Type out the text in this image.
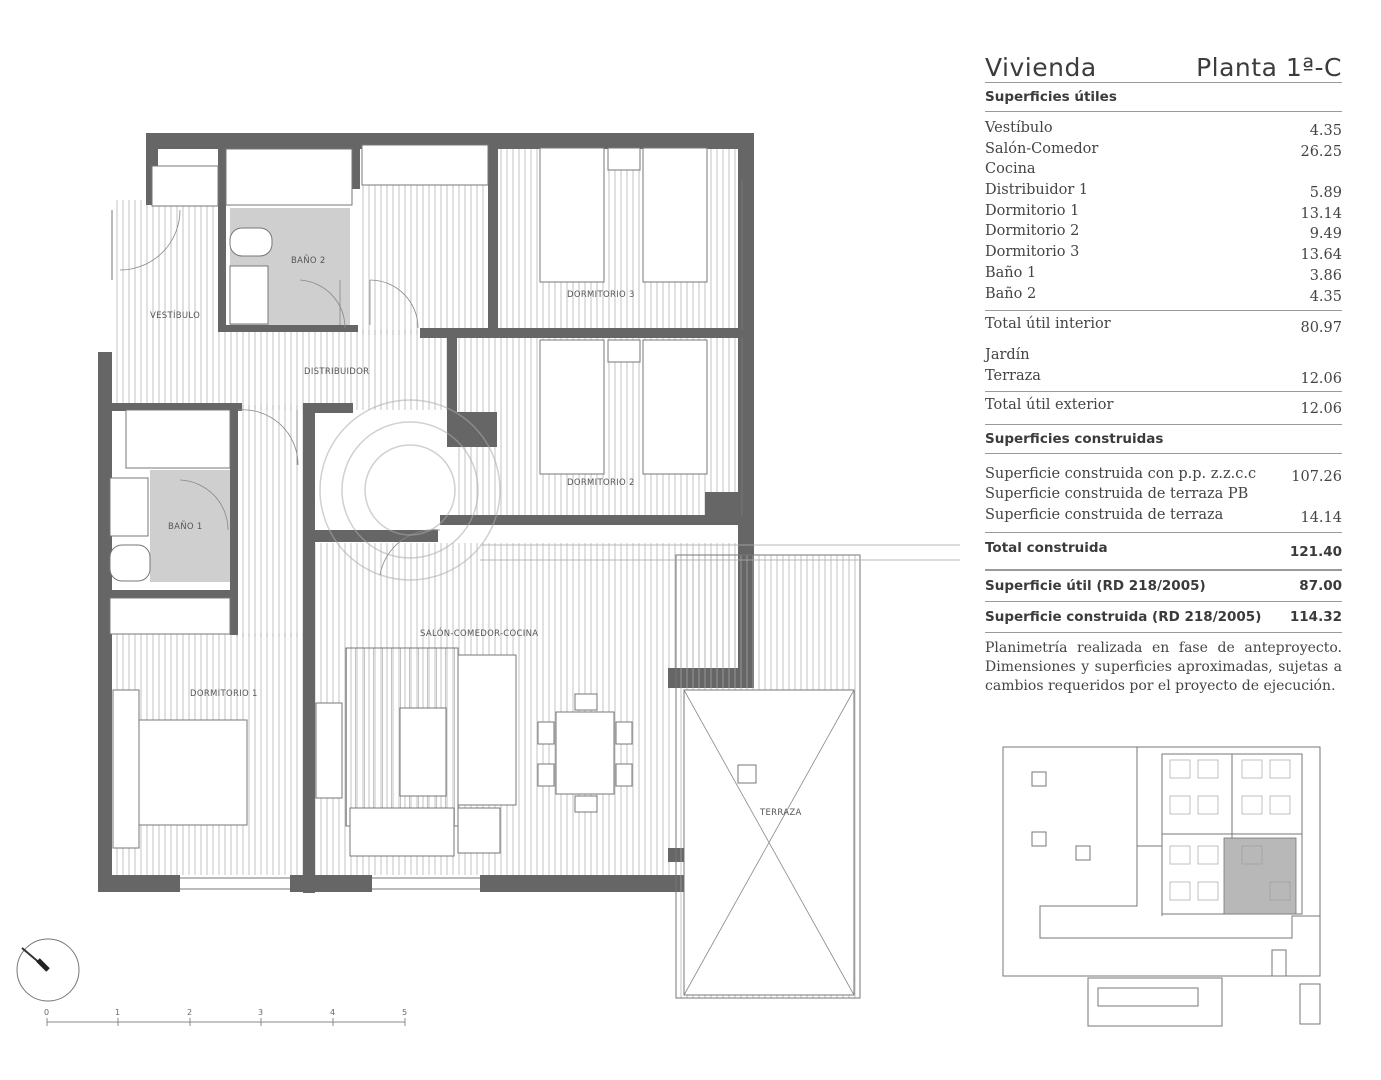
VESTÍBULO
BAÑO 2
DISTRIBUIDOR
DORMITORIO 3
DORMITORIO 2
BAÑO 1
SALÓN-COMEDOR-COCINA
DORMITORIO 1
TERRAZA
0	1	2	3	4	5
Vivienda	Planta 1ª-C
Superficies útiles
Vestíbulo	4.35
Salón-Comedor	26.25
Cocina
Distribuidor 1	5.89
Dormitorio 1	13.14
Dormitorio 2	9.49
Dormitorio 3	13.64
Baño 1	3.86
Baño 2	4.35
Total útil interior	80.97
Jardín
Terraza	12.06
Total útil exterior	12.06
Superficies construidas
Superficie construida con p.p. z.z.c.c 107.26
Superficie construida de terraza PB
Superficie construida de terraza	14.14
Total construida	121.40
Superficie útil (RD 218/2005)	87.00
Superficie construida (RD 218/2005) 114.32
Planimetría realizada en fase de anteproyecto. Dimensiones y superficies aproximadas, sujetas a cambios requeridos por el proyecto de ejecución.
